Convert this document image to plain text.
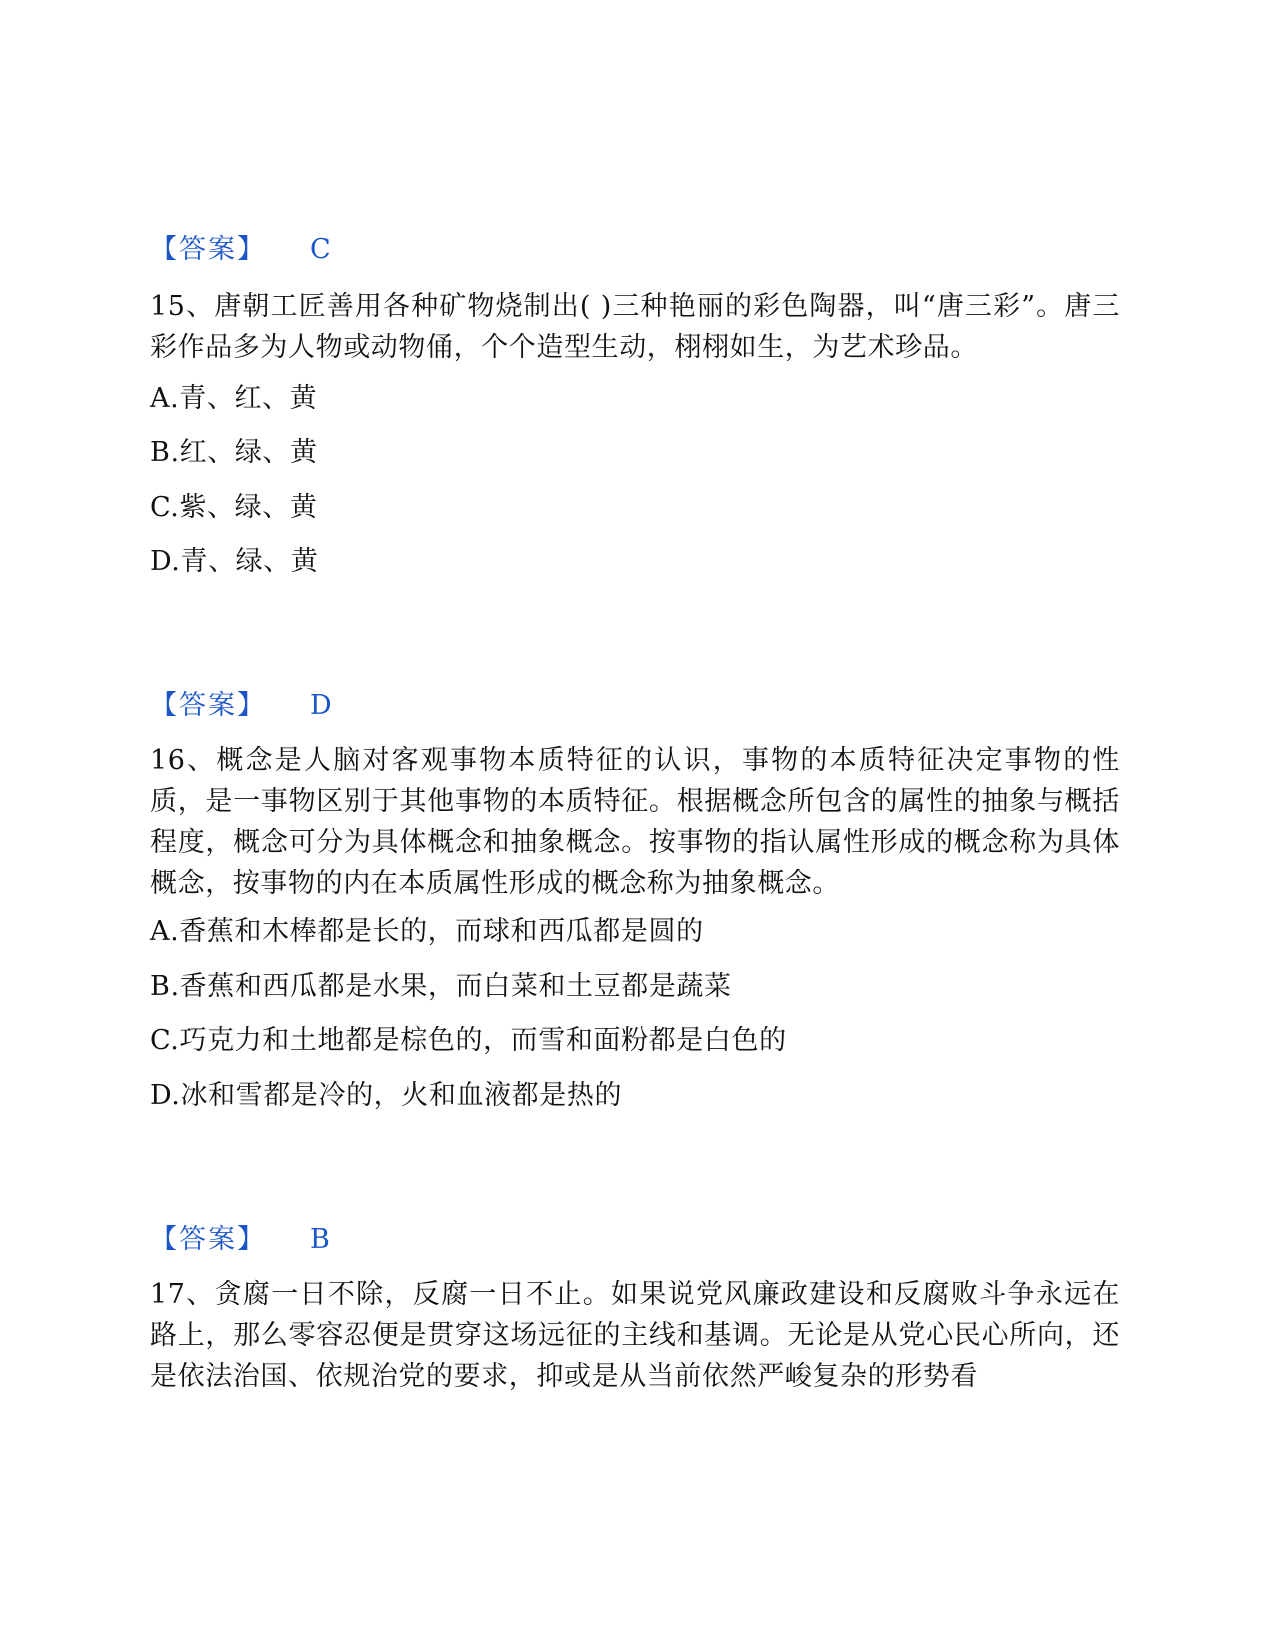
【答案】 C
15、唐朝工匠善用各种矿物烧制出( )三种艳丽的彩色陶器，叫“唐三彩”。唐三彩作品多为人物或动物俑，个个造型生动，栩栩如生，为艺术珍品。
A.青、红、黄
B.红、绿、黄
C.紫、绿、黄
D.青、绿、黄
【答案】 D
16、概念是人脑对客观事物本质特征的认识，事物的本质特征决定事物的性质，是一事物区别于其他事物的本质特征。根据概念所包含的属性的抽象与概括程度，概念可分为具体概念和抽象概念。按事物的指认属性形成的概念称为具体概念，按事物的内在本质属性形成的概念称为抽象概念。
A.香蕉和木棒都是长的，而球和西瓜都是圆的
B.香蕉和西瓜都是水果，而白菜和土豆都是蔬菜
C.巧克力和土地都是棕色的，而雪和面粉都是白色的
D.冰和雪都是冷的，火和血液都是热的
【答案】 B
17、贪腐一日不除，反腐一日不止。如果说党风廉政建设和反腐败斗争永远在路上，那么零容忍便是贯穿这场远征的主线和基调。无论是从党心民心所向，还是依法治国、依规治党的要求，抑或是从当前依然严峻复杂的形势看
